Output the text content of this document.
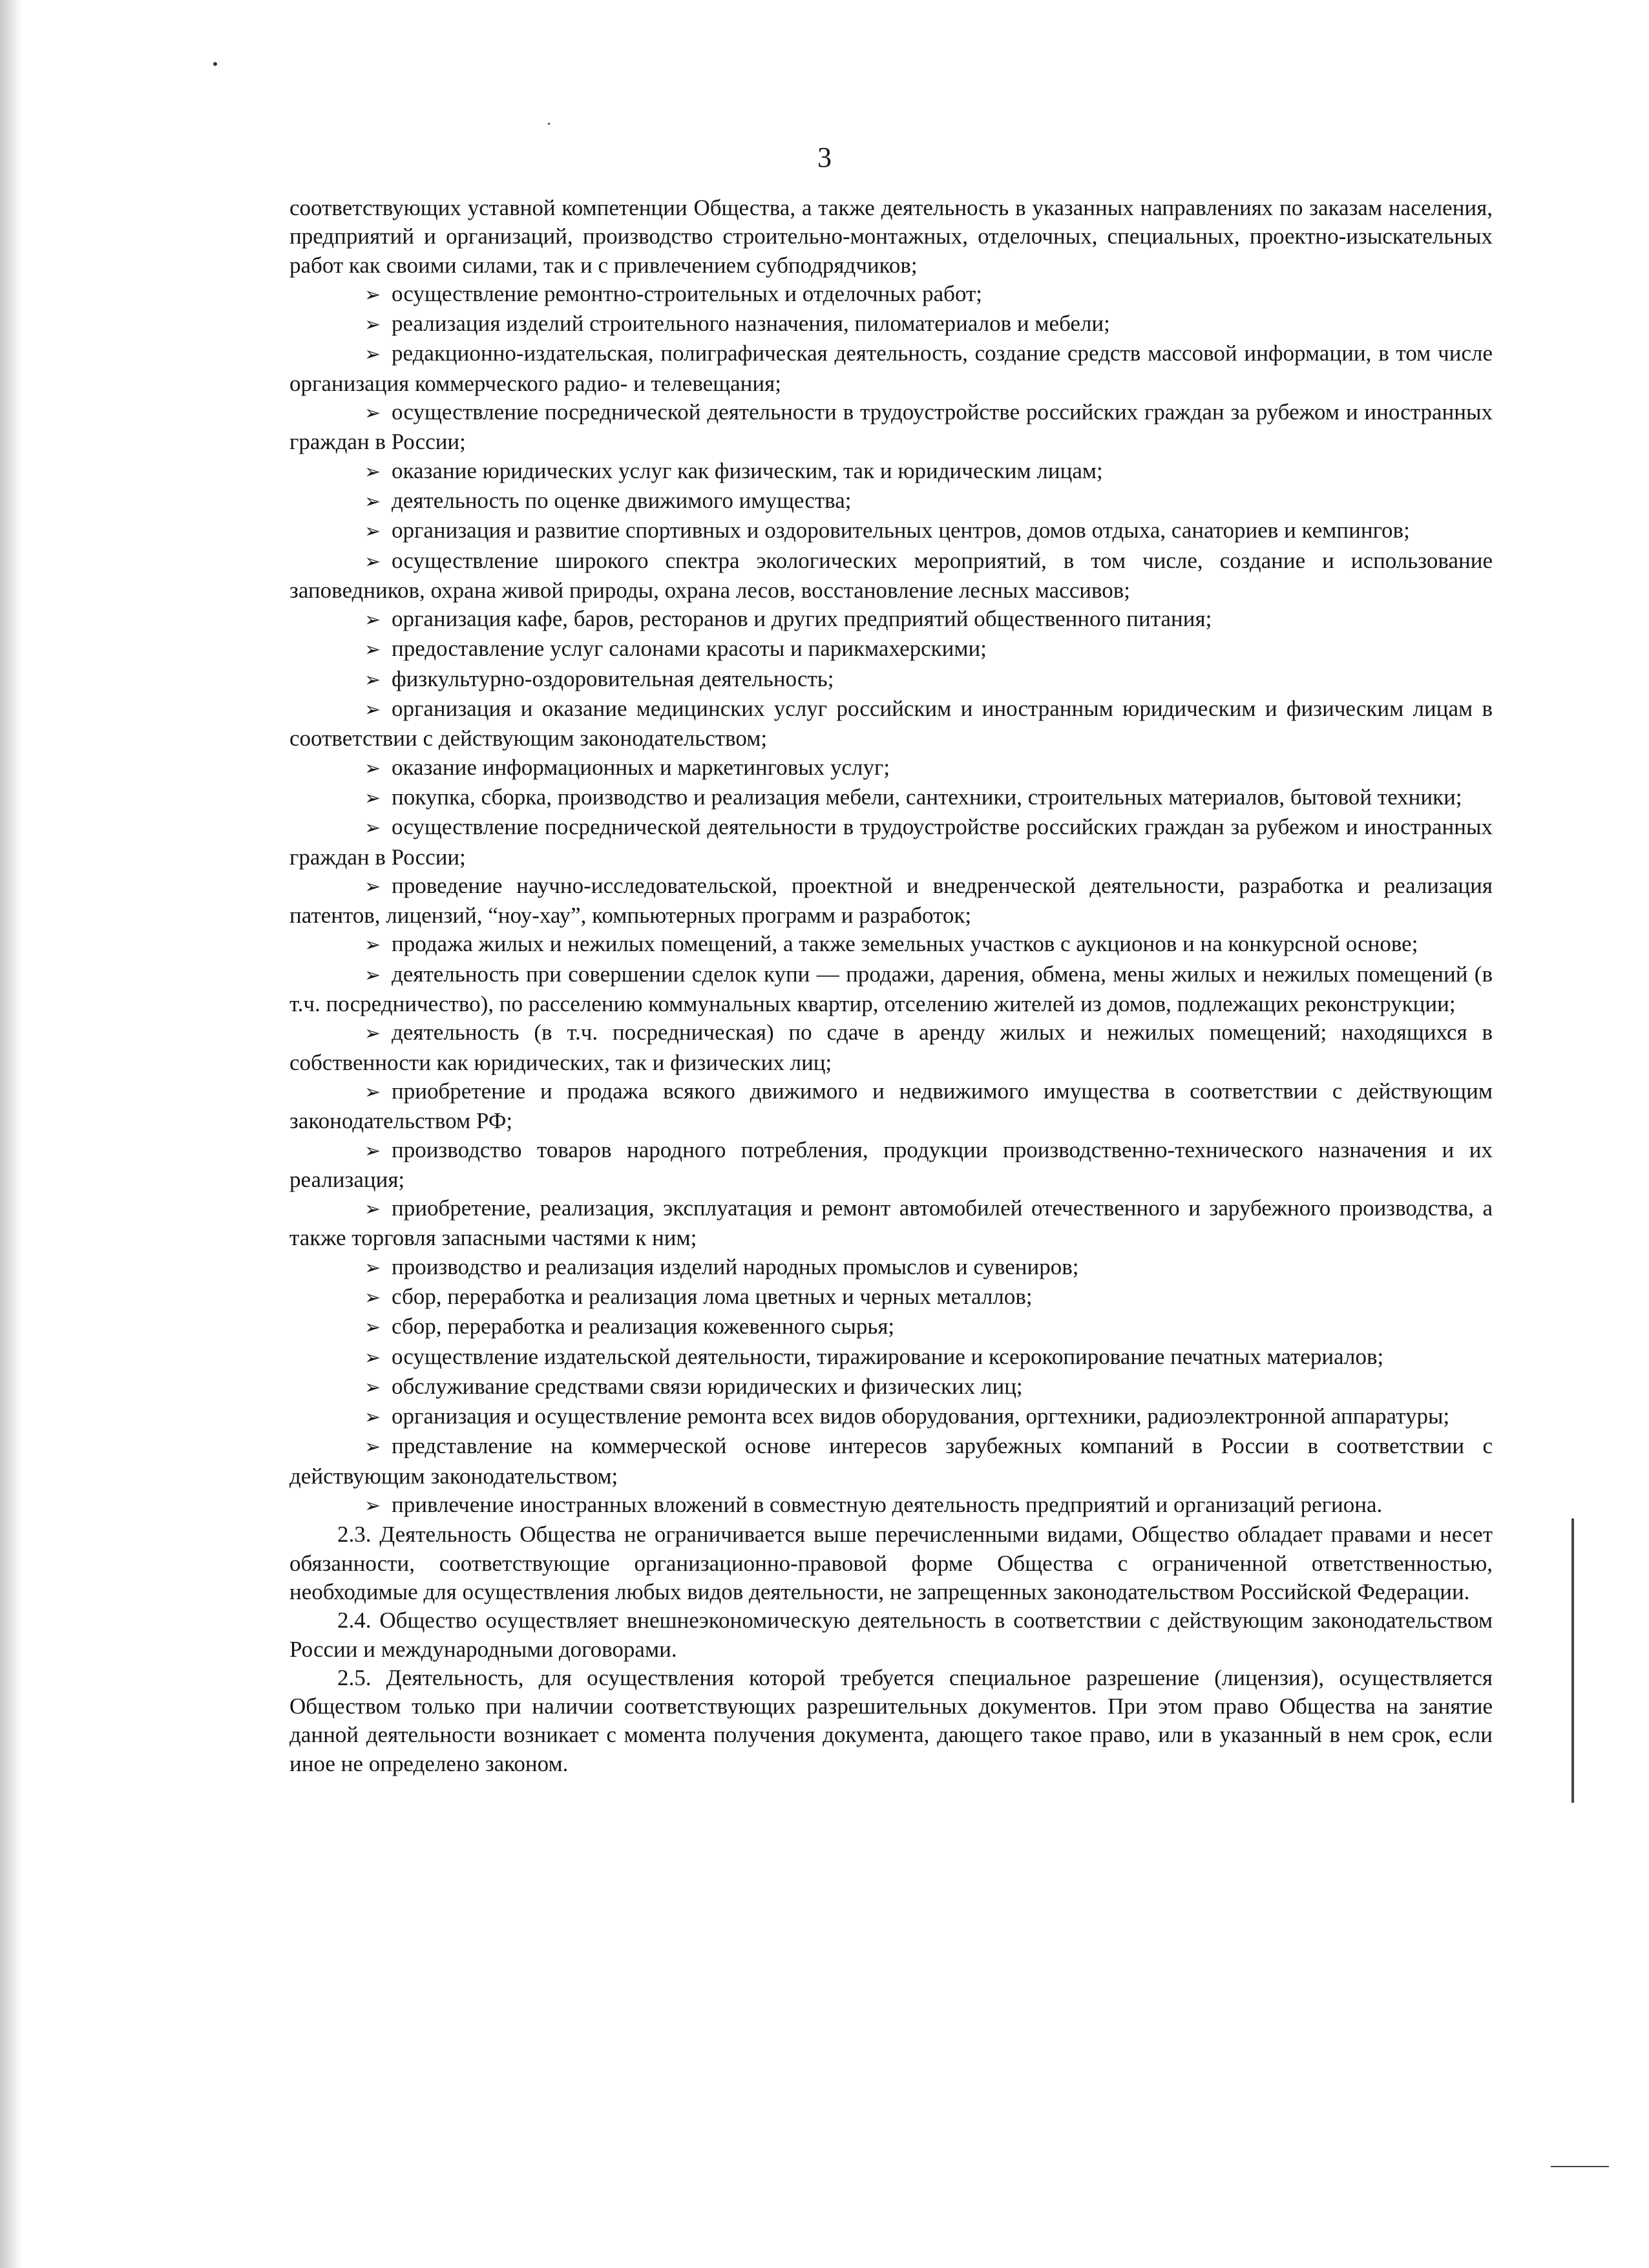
3

соответствующих уставной компетенции Общества, а также деятельность в указанных направлениях по заказам населения, предприятий и организаций, производство строительно-монтажных, отделочных, специальных, проектно-изыскательных работ как своими силами, так и с привлечением субподрядчиков;

➢ осуществление ремонтно-строительных и отделочных работ;

➢ реализация изделий строительного назначения, пиломатериалов и мебели;

➢ редакционно-издательская, полиграфическая деятельность, создание средств массовой информации, в том числе организация коммерческого радио- и телевещания;

➢ осуществление посреднической деятельности в трудоустройстве российских граждан за рубежом и иностранных граждан в России;

➢ оказание юридических услуг как физическим, так и юридическим лицам;

➢ деятельность по оценке движимого имущества;

➢ организация и развитие спортивных и оздоровительных центров, домов отдыха, санаториев и кемпингов;

➢ осуществление широкого спектра экологических мероприятий, в том числе, создание и использование заповедников, охрана живой природы, охрана лесов, восстановление лесных массивов;

➢ организация кафе, баров, ресторанов и других предприятий общественного питания;

➢ предоставление услуг салонами красоты и парикмахерскими;

➢ физкультурно-оздоровительная деятельность;

➢ организация и оказание медицинских услуг российским и иностранным юридическим и физическим лицам в соответствии с действующим законодательством;

➢ оказание информационных и маркетинговых услуг;

➢ покупка, сборка, производство и реализация мебели, сантехники, строительных материалов, бытовой техники;

➢ осуществление посреднической деятельности в трудоустройстве российских граждан за рубежом и иностранных граждан в России;

➢ проведение научно-исследовательской, проектной и внедренческой деятельности, разработка и реализация патентов, лицензий, “ноу-хау”, компьютерных программ и разработок;

➢ продажа жилых и нежилых помещений, а также земельных участков с аукционов и на конкурсной основе;

➢ деятельность при совершении сделок купи — продажи, дарения, обмена, мены жилых и нежилых помещений (в т.ч. посредничество), по расселению коммунальных квартир, отселению жителей из домов, подлежащих реконструкции;

➢ деятельность (в т.ч. посредническая) по сдаче в аренду жилых и нежилых помещений; находящихся в собственности как юридических, так и физических лиц;

➢ приобретение и продажа всякого движимого и недвижимого имущества в соответствии с действующим законодательством РФ;

➢ производство товаров народного потребления, продукции производственно-технического назначения и их реализация;

➢ приобретение, реализация, эксплуатация и ремонт автомобилей отечественного и зарубежного производства, а также торговля запасными частями к ним;

➢ производство и реализация изделий народных промыслов и сувениров;

➢ сбор, переработка и реализация лома цветных и черных металлов;

➢ сбор, переработка и реализация кожевенного сырья;

➢ осуществление издательской деятельности, тиражирование и ксерокопирование печатных материалов;

➢ обслуживание средствами связи юридических и физических лиц;

➢ организация и осуществление ремонта всех видов оборудования, оргтехники, радиоэлектронной аппаратуры;

➢ представление на коммерческой основе интересов зарубежных компаний в России в соответствии с действующим законодательством;

➢ привлечение иностранных вложений в совместную деятельность предприятий и организаций региона.

2.3. Деятельность Общества не ограничивается выше перечисленными видами, Общество обладает правами и несет обязанности, соответствующие организационно-правовой форме Общества с ограниченной ответственностью, необходимые для осуществления любых видов деятельности, не запрещенных законодательством Российской Федерации.

2.4. Общество осуществляет внешнеэкономическую деятельность в соответствии с действующим законодательством России и международными договорами.

2.5. Деятельность, для осуществления которой требуется специальное разрешение (лицензия), осуществляется Обществом только при наличии соответствующих разрешительных документов. При этом право Общества на занятие данной деятельности возникает с момента получения документа, дающего такое право, или в указанный в нем срок, если иное не определено законом.
